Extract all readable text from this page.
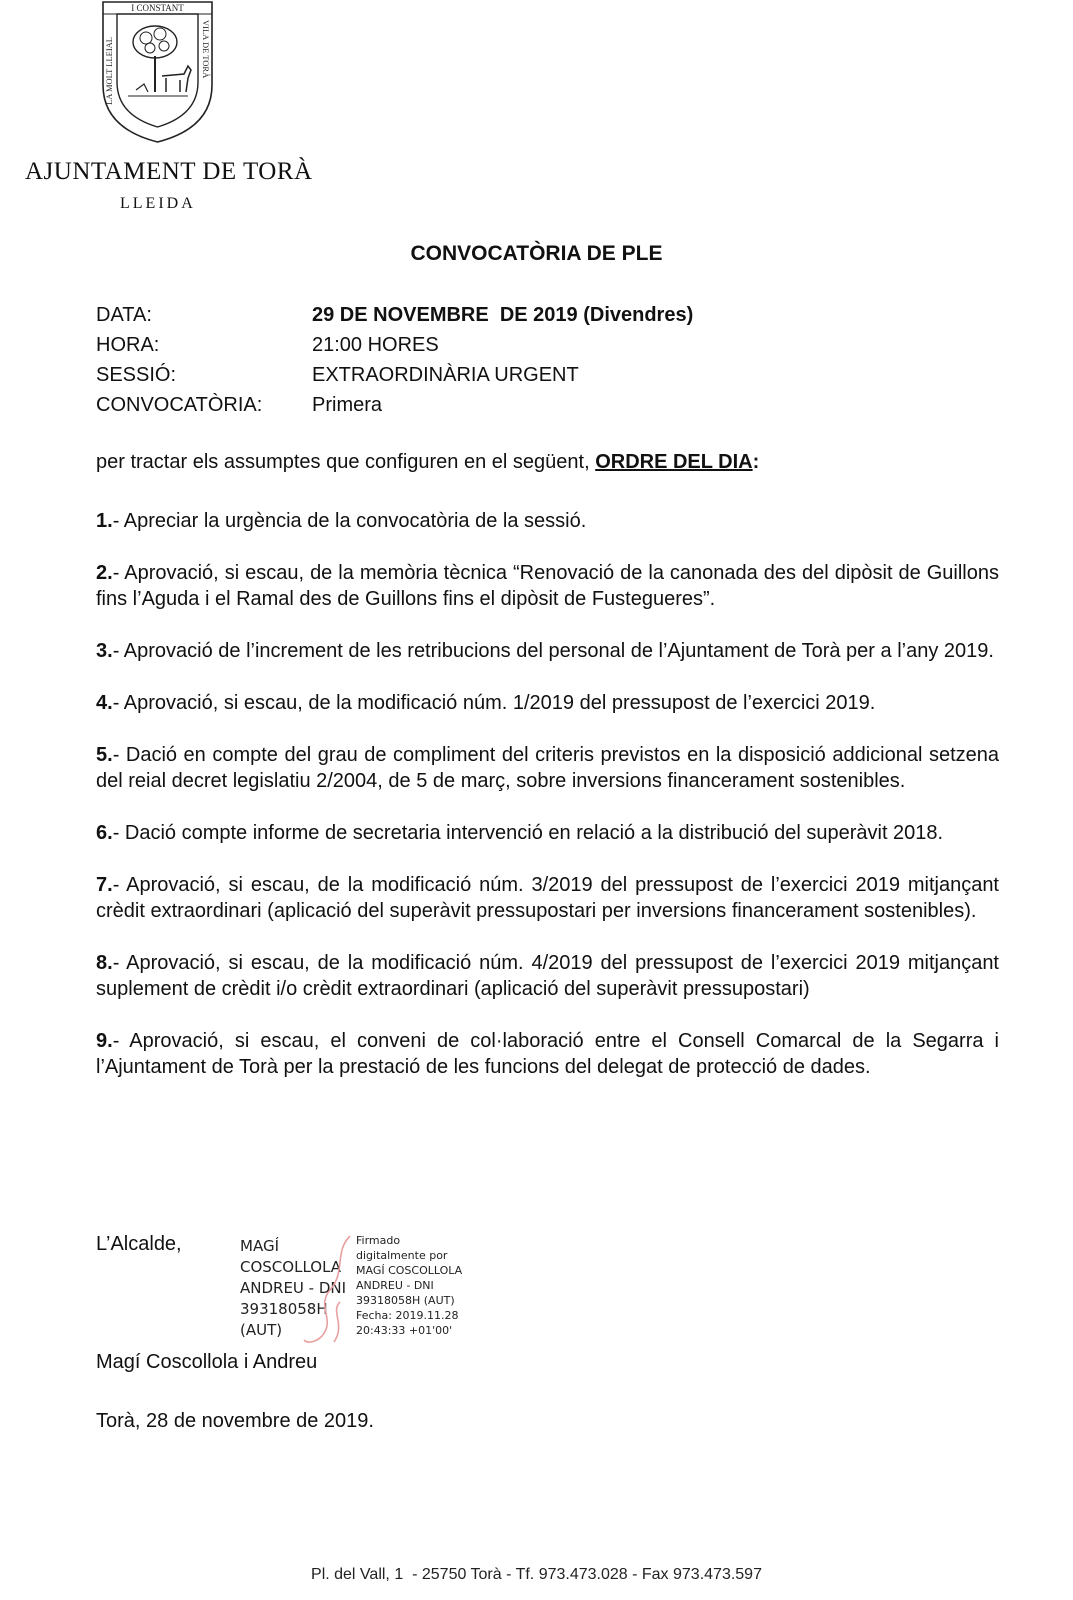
I CONSTANT
LA MOLT LLEIAL	VILA DE TORÀ
AJUNTAMENT DE TORÀ
LLEIDA
CONVOCATÒRIA DE PLE
DATA:	29 DE NOVEMBRE  DE 2019 (Divendres)
HORA:	21:00 HORES
SESSIÓ:	EXTRAORDINÀRIA URGENT
CONVOCATÒRIA:	Primera
per tractar els assumptes que configuren en el següent, ORDRE DEL DIA:
1.- Apreciar la urgència de la convocatòria de la sessió.
2.- Aprovació, si escau, de la memòria tècnica “Renovació de la canonada des del dipòsit de Guillons fins l’Aguda i el Ramal des de Guillons fins el dipòsit de Fustegueres”.
3.- Aprovació de l’increment de les retribucions del personal de l’Ajuntament de Torà per a l’any 2019.
4.- Aprovació, si escau, de la modificació núm. 1/2019 del pressupost de l’exercici 2019.
5.- Dació en compte del grau de compliment del criteris previstos en la disposició addicional setzena del reial decret legislatiu 2/2004, de 5 de març, sobre inversions financerament sostenibles.
6.- Dació compte informe de secretaria intervenció en relació a la distribució del superàvit 2018.
7.- Aprovació, si escau, de la modificació núm. 3/2019 del pressupost de l’exercici 2019 mitjançant crèdit extraordinari (aplicació del superàvit pressupostari per inversions financerament sostenibles).
8.- Aprovació, si escau, de la modificació núm. 4/2019 del pressupost de l’exercici 2019 mitjançant suplement de crèdit i/o crèdit extraordinari (aplicació del superàvit pressupostari)
9.- Aprovació, si escau, el conveni de col·laboració entre el Consell Comarcal de la Segarra i l’Ajuntament de Torà per la prestació de les funcions del delegat de protecció de dades.
L’Alcalde,	MAGÍ
COSCOLLOLA
ANDREU - DNI
39318058H
(AUT)
Firmado
digitalmente por
MAGÍ COSCOLLOLA
ANDREU - DNI
39318058H (AUT)
Fecha: 2019.11.28
20:43:33 +01'00'
Magí Coscollola i Andreu
Torà, 28 de novembre de 2019.
Pl. del Vall, 1  - 25750 Torà - Tf. 973.473.028 - Fax 973.473.597
